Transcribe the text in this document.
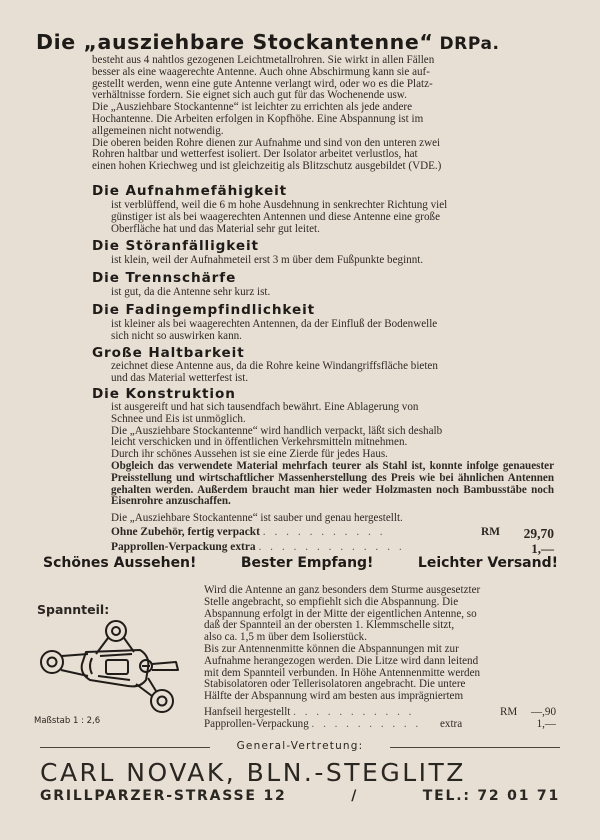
Die „ausziehbare Stockantenne“ DRPa.
besteht aus 4 nahtlos gezogenen Leichtmetallrohren. Sie wirkt in allen Fällen
besser als eine waagerechte Antenne. Auch ohne Abschirmung kann sie auf-
gestellt werden, wenn eine gute Antenne verlangt wird, oder wo es die Platz-
verhältnisse fordern. Sie eignet sich auch gut für das Wochenende usw.
Die „Ausziehbare Stockantenne“ ist leichter zu errichten als jede andere
Hochantenne. Die Arbeiten erfolgen in Kopfhöhe. Eine Abspannung ist im
allgemeinen nicht notwendig.
Die oberen beiden Rohre dienen zur Aufnahme und sind von den unteren zwei
Rohren haltbar und wetterfest isoliert. Der Isolator arbeitet verlustlos, hat
einen hohen Kriechweg und ist gleichzeitig als Blitzschutz ausgebildet (VDE.)
Die Aufnahmefähigkeit
ist verblüffend, weil die 6 m hohe Ausdehnung in senkrechter Richtung viel
günstiger ist als bei waagerechten Antennen und diese Antenne eine große
Oberfläche hat und das Material sehr gut leitet.
Die Störanfälligkeit
ist klein, weil der Aufnahmeteil erst 3 m über dem Fußpunkte beginnt.
Die Trennschärfe
ist gut, da die Antenne sehr kurz ist.
Die Fadingempfindlichkeit
ist kleiner als bei waagerechten Antennen, da der Einfluß der Bodenwelle
sich nicht so auswirken kann.
Große Haltbarkeit
zeichnet diese Antenne aus, da die Rohre keine Windangriffsfläche bieten
und das Material wetterfest ist.
Die Konstruktion
ist ausgereift und hat sich tausendfach bewährt. Eine Ablagerung von
Schnee und Eis ist unmöglich.
Die „Ausziehbare Stockantenne“ wird handlich verpackt, läßt sich deshalb
leicht verschicken und in öffentlichen Verkehrsmitteln mitnehmen.
Durch ihr schönes Aussehen ist sie eine Zierde für jedes Haus.
Obgleich das verwendete Material mehrfach teurer als Stahl ist, konnte infolge genauester Preisstellung und wirtschaftlicher Massenherstellung des Preis wie bei ähnlichen Antennen gehalten werden. Außerdem braucht man hier weder Holzmasten noch Bambusstäbe noch Eisenrohre anzuschaffen.
Die „Ausziehbare Stockantenne“ ist sauber und genau hergestellt.
Ohne Zubehör, fertig verpackt . . . . . . . . . . .	RM 29,70
Papprollen-Verpackung extra . . . . . . . . . . . . .	1,—
Schönes Aussehen!	Bester Empfang!	Leichter Versand!
Spannteil:
Maßstab 1 : 2,6
Wird die Antenne an ganz besonders dem Sturme ausgesetzter
Stelle angebracht, so empfiehlt sich die Abspannung. Die
Abspannung erfolgt in der Mitte der eigentlichen Antenne, so
daß der Spannteil an der obersten 1. Klemmschelle sitzt,
also ca. 1,5 m über dem Isolierstück.
Bis zur Antennenmitte können die Abspannungen mit zur
Aufnahme herangezogen werden. Die Litze wird dann leitend
mit dem Spannteil verbunden. In Höhe Antennenmitte werden
Stabisolatoren oder Tellerisolatoren angebracht. Die untere
Hälfte der Abspannung wird am besten aus imprägniertem
Hanfseil hergestellt . . . . . . . . . . .	RM —,90
Papprollen-Verpackung . . . . . . . . . . extra	1,—
General-Vertretung:
CARL NOVAK, BLN.-STEGLITZ
GRILLPARZER-STRASSE 12	/	TEL.: 72 01 71
